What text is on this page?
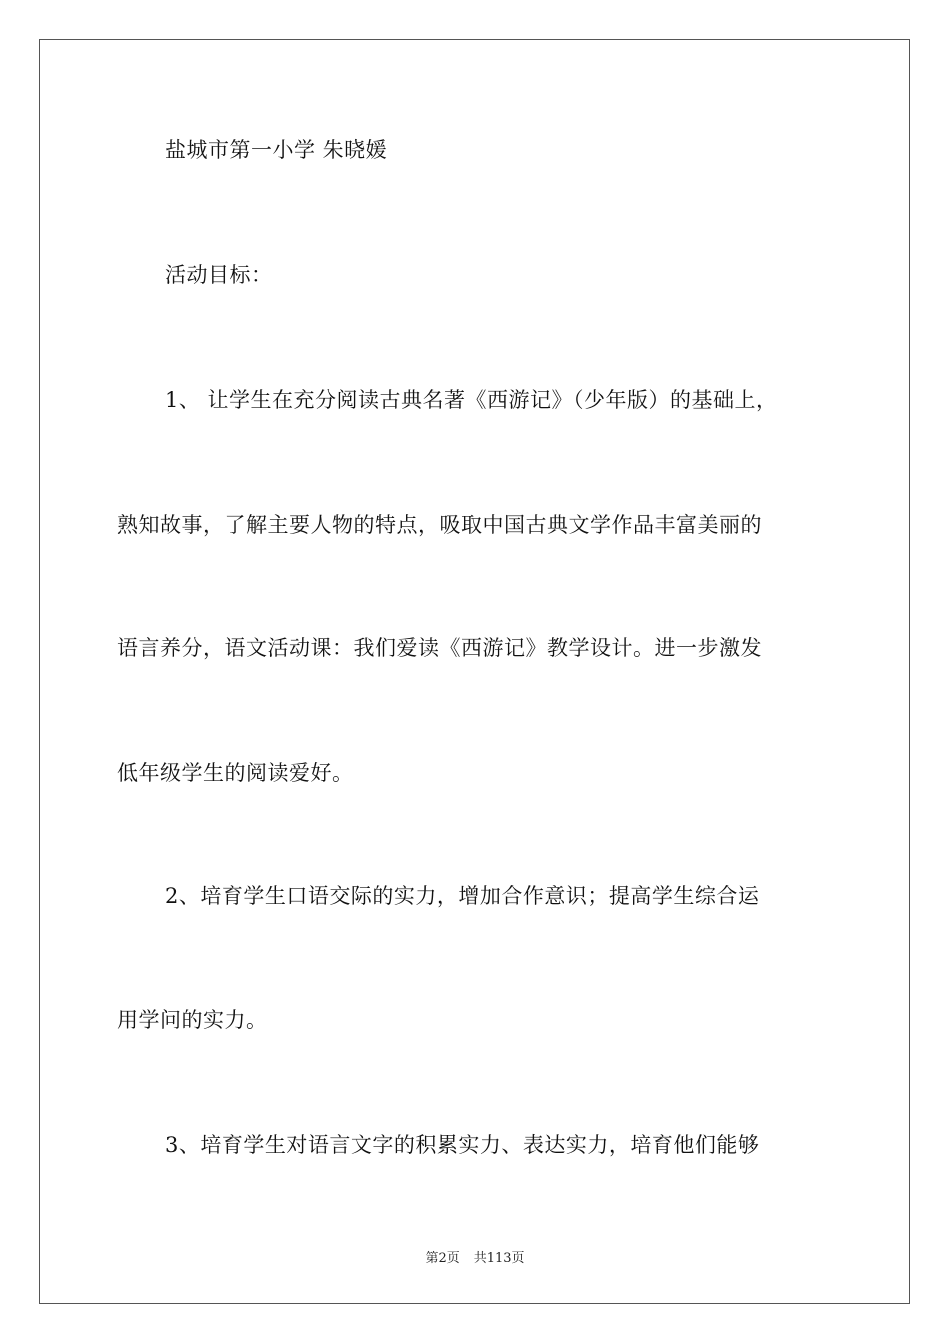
盐城市第一小学 朱晓媛

活动目标：

1、 让学生在充分阅读古典名著《西游记》（少年版）的基础上，

熟知故事，了解主要人物的特点，吸取中国古典文学作品丰富美丽的

语言养分，语文活动课：我们爱读《西游记》教学设计。进一步激发

低年级学生的阅读爱好。

2、培育学生口语交际的实力，增加合作意识；提高学生综合运

用学问的实力。

3、培育学生对语言文字的积累实力、表达实力，培育他们能够

第2页 共113页
